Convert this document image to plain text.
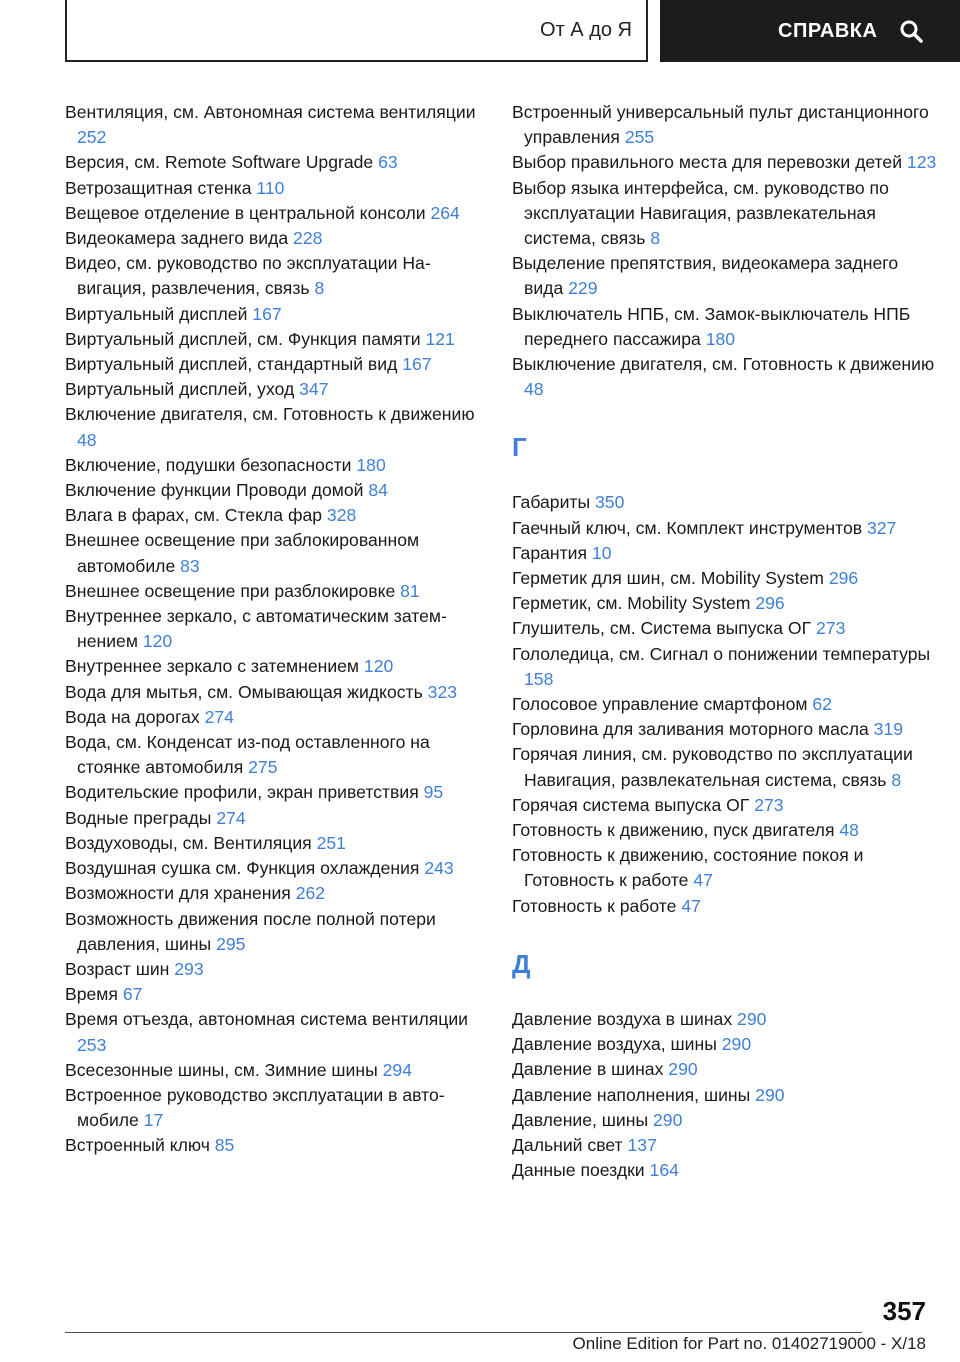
От А до Я	СПРАВКА
Вентиляция, см. Автономная система вентиляции 252
Версия, см. Remote Software Upgrade 63
Ветрозащитная стенка 110
Вещевое отделение в центральной консоли 264
Видеокамера заднего вида 228
Видео, см. руководство по эксплуатации Навигация, развлечения, связь 8
Виртуальный дисплей 167
Виртуальный дисплей, см. Функция памяти 121
Виртуальный дисплей, стандартный вид 167
Виртуальный дисплей, уход 347
Включение двигателя, см. Готовность к движению 48
Включение, подушки безопасности 180
Включение функции Проводи домой 84
Влага в фарах, см. Стекла фар 328
Внешнее освещение при заблокированном автомобиле 83
Внешнее освещение при разблокировке 81
Внутреннее зеркало, с автоматическим затемнением 120
Внутреннее зеркало с затемнением 120
Вода для мытья, см. Омывающая жидкость 323
Вода на дорогах 274
Вода, см. Конденсат из-под оставленного на стоянке автомобиля 275
Водительские профили, экран приветствия 95
Водные преграды 274
Воздуховоды, см. Вентиляция 251
Воздушная сушка см. Функция охлаждения 243
Возможности для хранения 262
Возможность движения после полной потери давления, шины 295
Возраст шин 293
Время 67
Время отъезда, автономная система вентиляции 253
Всесезонные шины, см. Зимние шины 294
Встроенное руководство эксплуатации в автомобиле 17
Встроенный ключ 85
Встроенный универсальный пульт дистанционного управления 255
Выбор правильного места для перевозки детей 123
Выбор языка интерфейса, см. руководство по эксплуатации Навигация, развлекательная система, связь 8
Выделение препятствия, видеокамера заднего вида 229
Выключатель НПБ, см. Замок-выключатель НПБ переднего пассажира 180
Выключение двигателя, см. Готовность к движению 48
Г
Габариты 350
Гаечный ключ, см. Комплект инструментов 327
Гарантия 10
Герметик для шин, см. Mobility System 296
Герметик, см. Mobility System 296
Глушитель, см. Система выпуска ОГ 273
Гололедица, см. Сигнал о понижении температуры 158
Голосовое управление смартфоном 62
Горловина для заливания моторного масла 319
Горячая линия, см. руководство по эксплуатации Навигация, развлекательная система, связь 8
Горячая система выпуска ОГ 273
Готовность к движению, пуск двигателя 48
Готовность к движению, состояние покоя и Готовность к работе 47
Готовность к работе 47
Д
Давление воздуха в шинах 290
Давление воздуха, шины 290
Давление в шинах 290
Давление наполнения, шины 290
Давление, шины 290
Дальний свет 137
Данные поездки 164
357
Online Edition for Part no. 01402719000 - X/18
